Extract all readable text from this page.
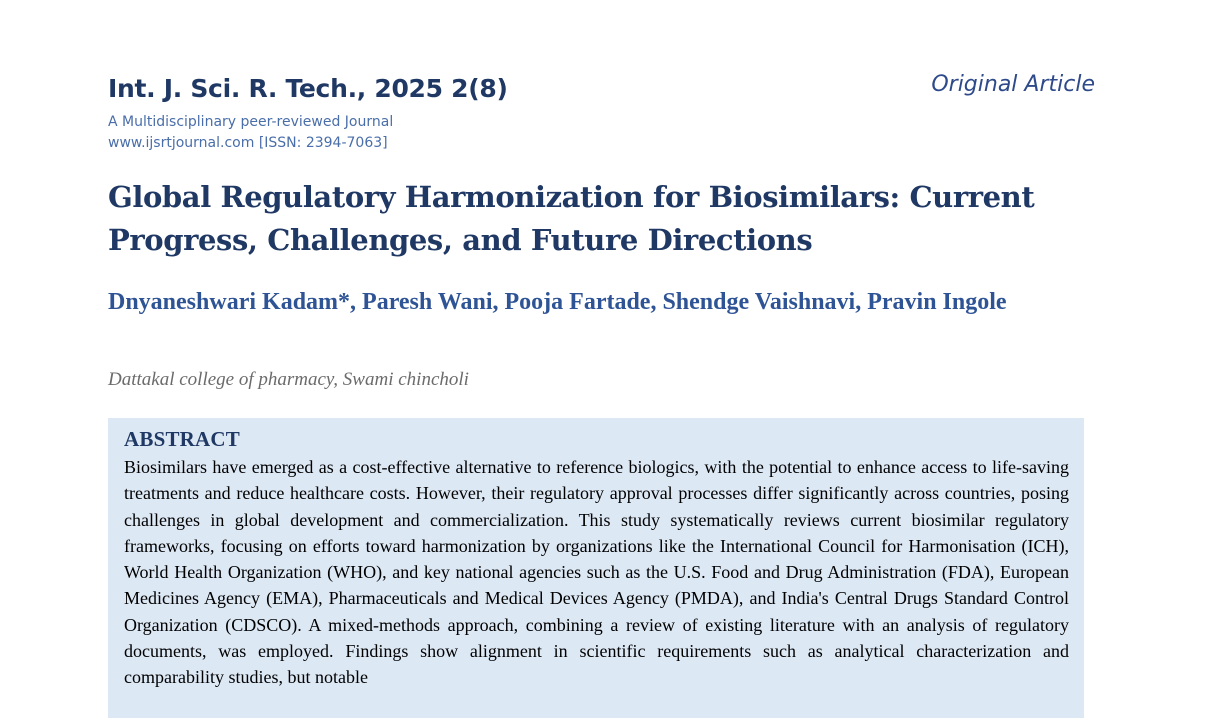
Int. J. Sci. R. Tech., 2025 2(8)	Original Article
A Multidisciplinary peer-reviewed Journal
www.ijsrtjournal.com [ISSN: 2394-7063]
Global Regulatory Harmonization for Biosimilars: Current Progress, Challenges, and Future Directions
Dnyaneshwari Kadam*, Paresh Wani, Pooja Fartade, Shendge Vaishnavi, Pravin Ingole
Dattakal college of pharmacy, Swami chincholi
ABSTRACT

Biosimilars have emerged as a cost-effective alternative to reference biologics, with the potential to enhance access to life-saving treatments and reduce healthcare costs. However, their regulatory approval processes differ significantly across countries, posing challenges in global development and commercialization. This study systematically reviews current biosimilar regulatory frameworks, focusing on efforts toward harmonization by organizations like the International Council for Harmonisation (ICH), World Health Organization (WHO), and key national agencies such as the U.S. Food and Drug Administration (FDA), European Medicines Agency (EMA), Pharmaceuticals and Medical Devices Agency (PMDA), and India's Central Drugs Standard Control Organization (CDSCO). A mixed-methods approach, combining a review of existing literature with an analysis of regulatory documents, was employed. Findings show alignment in scientific requirements such as analytical characterization and comparability studies, but notable
